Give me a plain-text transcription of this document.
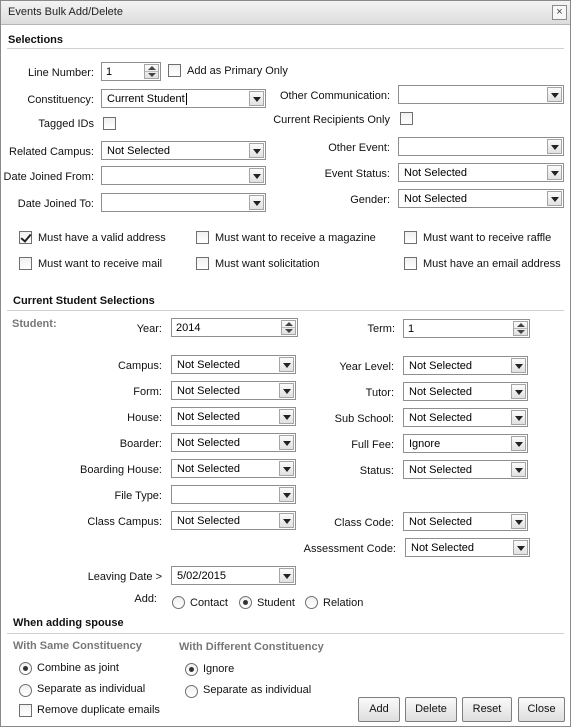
Events Bulk Add/Delete	×
Selections
Line Number: 1	Add as Primary Only
Constituency: Current Student	Other Communication:
Tagged IDs	Current Recipients Only
Related Campus: Not Selected	Other Event:
Date Joined From:	Event Status: Not Selected
Date Joined To:	Gender: Not Selected
Must have a valid address	Must want to receive a magazine	Must want to receive raffle
Must want to receive mail	Must want solicitation	Must have an email address
Current Student Selections
Student:	Year: 2014	Term: 1
Campus: Not Selected	Year Level: Not Selected
Form: Not Selected	Tutor: Not Selected
House: Not Selected	Sub School: Not Selected
Boarder: Not Selected	Full Fee: Ignore
Boarding House: Not Selected	Status: Not Selected
File Type:
Class Campus: Not Selected	Class Code: Not Selected
Assessment Code: Not Selected
Leaving Date > 5/02/2015
Add:	Contact	Student	Relation
When adding spouse
With Same Constituency
Combine as joint
Separate as individual
Remove duplicate emails
With Different Constituency
Ignore
Separate as individual
Add	Delete	Reset	Close
